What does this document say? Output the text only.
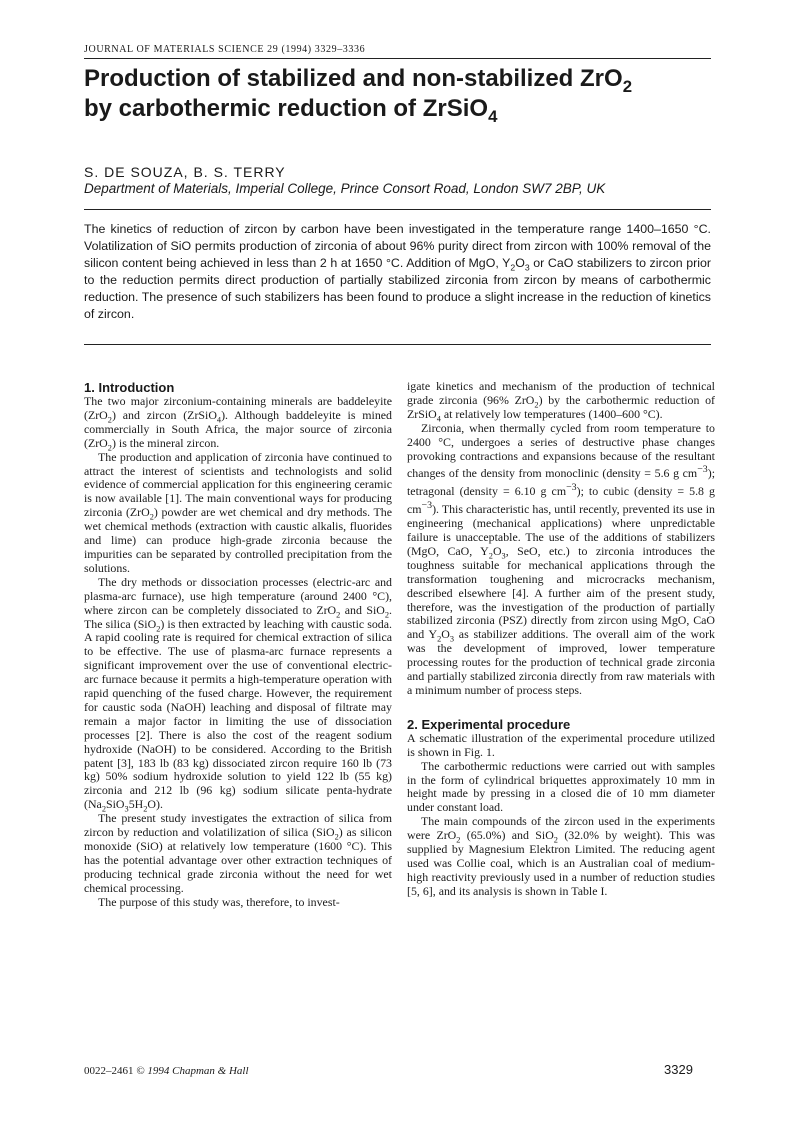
JOURNAL OF MATERIALS SCIENCE 29 (1994) 3329–3336
Production of stabilized and non-stabilized ZrO$_2$
by carbothermic reduction of ZrSiO$_4$
S. DE SOUZA, B. S. TERRY
Department of Materials, Imperial College, Prince Consort Road, London SW7 2BP, UK

The kinetics of reduction of zircon by carbon have been investigated in the temperature range 1400–1650 °C. Volatilization of SiO permits production of zirconia of about 96% purity direct from zircon with 100% removal of the silicon content being achieved in less than 2 h at 1650 °C. Addition of MgO, $Y_2O_3$ or CaO stabilizers to zircon prior to the reduction permits direct production of partially stabilized zirconia from zircon by means of carbothermic reduction. The presence of such stabilizers has been found to produce a slight increase in the reduction of kinetics of zircon.

1. Introduction

The two major zirconium-containing minerals are baddeleyite (ZrO$_2$) and zircon (ZrSiO$_4$). Although baddeleyite is mined commercially in South Africa, the major source of zirconia (ZrO$_2$) is the mineral zircon.

The production and application of zirconia have continued to attract the interest of scientists and technologists and solid evidence of commercial application for this engineering ceramic is now available [1]. The main conventional ways for producing zirconia (ZrO$_2$) powder are wet chemical and dry methods. The wet chemical methods (extraction with caustic alkalis, fluorides and lime) can produce high-grade zirconia because the impurities can be separated by controlled precipitation from the solutions.

The dry methods or dissociation processes (electric-arc and plasma-arc furnace), use high temperature (around 2400 °C), where zircon can be completely dissociated to ZrO$_2$ and SiO$_2$. The silica (SiO$_2$) is then extracted by leaching with caustic soda. A rapid cooling rate is required for chemical extraction of silica to be effective. The use of plasma-arc furnace represents a significant improvement over the use of conventional electric-arc furnace because it permits a high-temperature operation with rapid quenching of the fused charge. However, the requirement for caustic soda (NaOH) leaching and disposal of filtrate may remain a major factor in limiting the use of dissociation processes [2]. There is also the cost of the reagent sodium hydroxide (NaOH) to be considered. According to the British patent [3], 183 lb (83 kg) dissociated zircon require 160 lb (73 kg) 50% sodium hydroxide solution to yield 122 lb (55 kg) zirconia and 212 lb (96 kg) sodium silicate penta-hydrate $(Na_2SiO_35H_2O)$.

The present study investigates the extraction of silica from zircon by reduction and volatilization of silica (SiO$_2$) as silicon monoxide (SiO) at relatively low temperature (1600 °C). This has the potential advantage over other extraction techniques of producing technical grade zirconia without the need for wet chemical processing.

The purpose of this study was, therefore, to invest-

igate kinetics and mechanism of the production of technical grade zirconia (96% ZrO$_2$) by the carbothermic reduction of ZrSiO$_4$ at relatively low temperatures (1400–600 °C).

Zirconia, when thermally cycled from room temperature to 2400 °C, undergoes a series of destructive phase changes provoking contractions and expansions because of the resultant changes of the density from monoclinic (density = 5.6 g $cm^{-3}$); tetragonal (density = 6.10 g $cm^{-3}$); to cubic (density = 5.8 g $cm^{-3}$). This characteristic has, until recently, prevented its use in engineering (mechanical applications) where unpredictable failure is unacceptable. The use of the additions of stabilizers (MgO, CaO, $Y_2O_3$, SeO, etc.) to zirconia introduces the toughness suitable for mechanical applications through the transformation toughening and microcracks mechanism, described elsewhere [4]. A further aim of the present study, therefore, was the investigation of the production of partially stabilized zirconia (PSZ) directly from zircon using MgO, CaO and $Y_2O_3$ as stabilizer additions. The overall aim of the work was the development of improved, lower temperature processing routes for the production of technical grade zirconia and partially stabilized zirconia directly from raw materials with a minimum number of process steps.

2. Experimental procedure

A schematic illustration of the experimental procedure utilized is shown in Fig. 1.

The carbothermic reductions were carried out with samples in the form of cylindrical briquettes approximately 10 mm in height made by pressing in a closed die of 10 mm diameter under constant load.

The main compounds of the zircon used in the experiments were ZrO$_2$ (65.0%) and SiO$_2$ (32.0% by weight). This was supplied by Magnesium Elektron Limited. The reducing agent used was Collie coal, which is an Australian coal of medium-high reactivity previously used in a number of reduction studies [5, 6], and its analysis is shown in Table I.

0022–2461 © 1994 Chapman & Hall	3329
